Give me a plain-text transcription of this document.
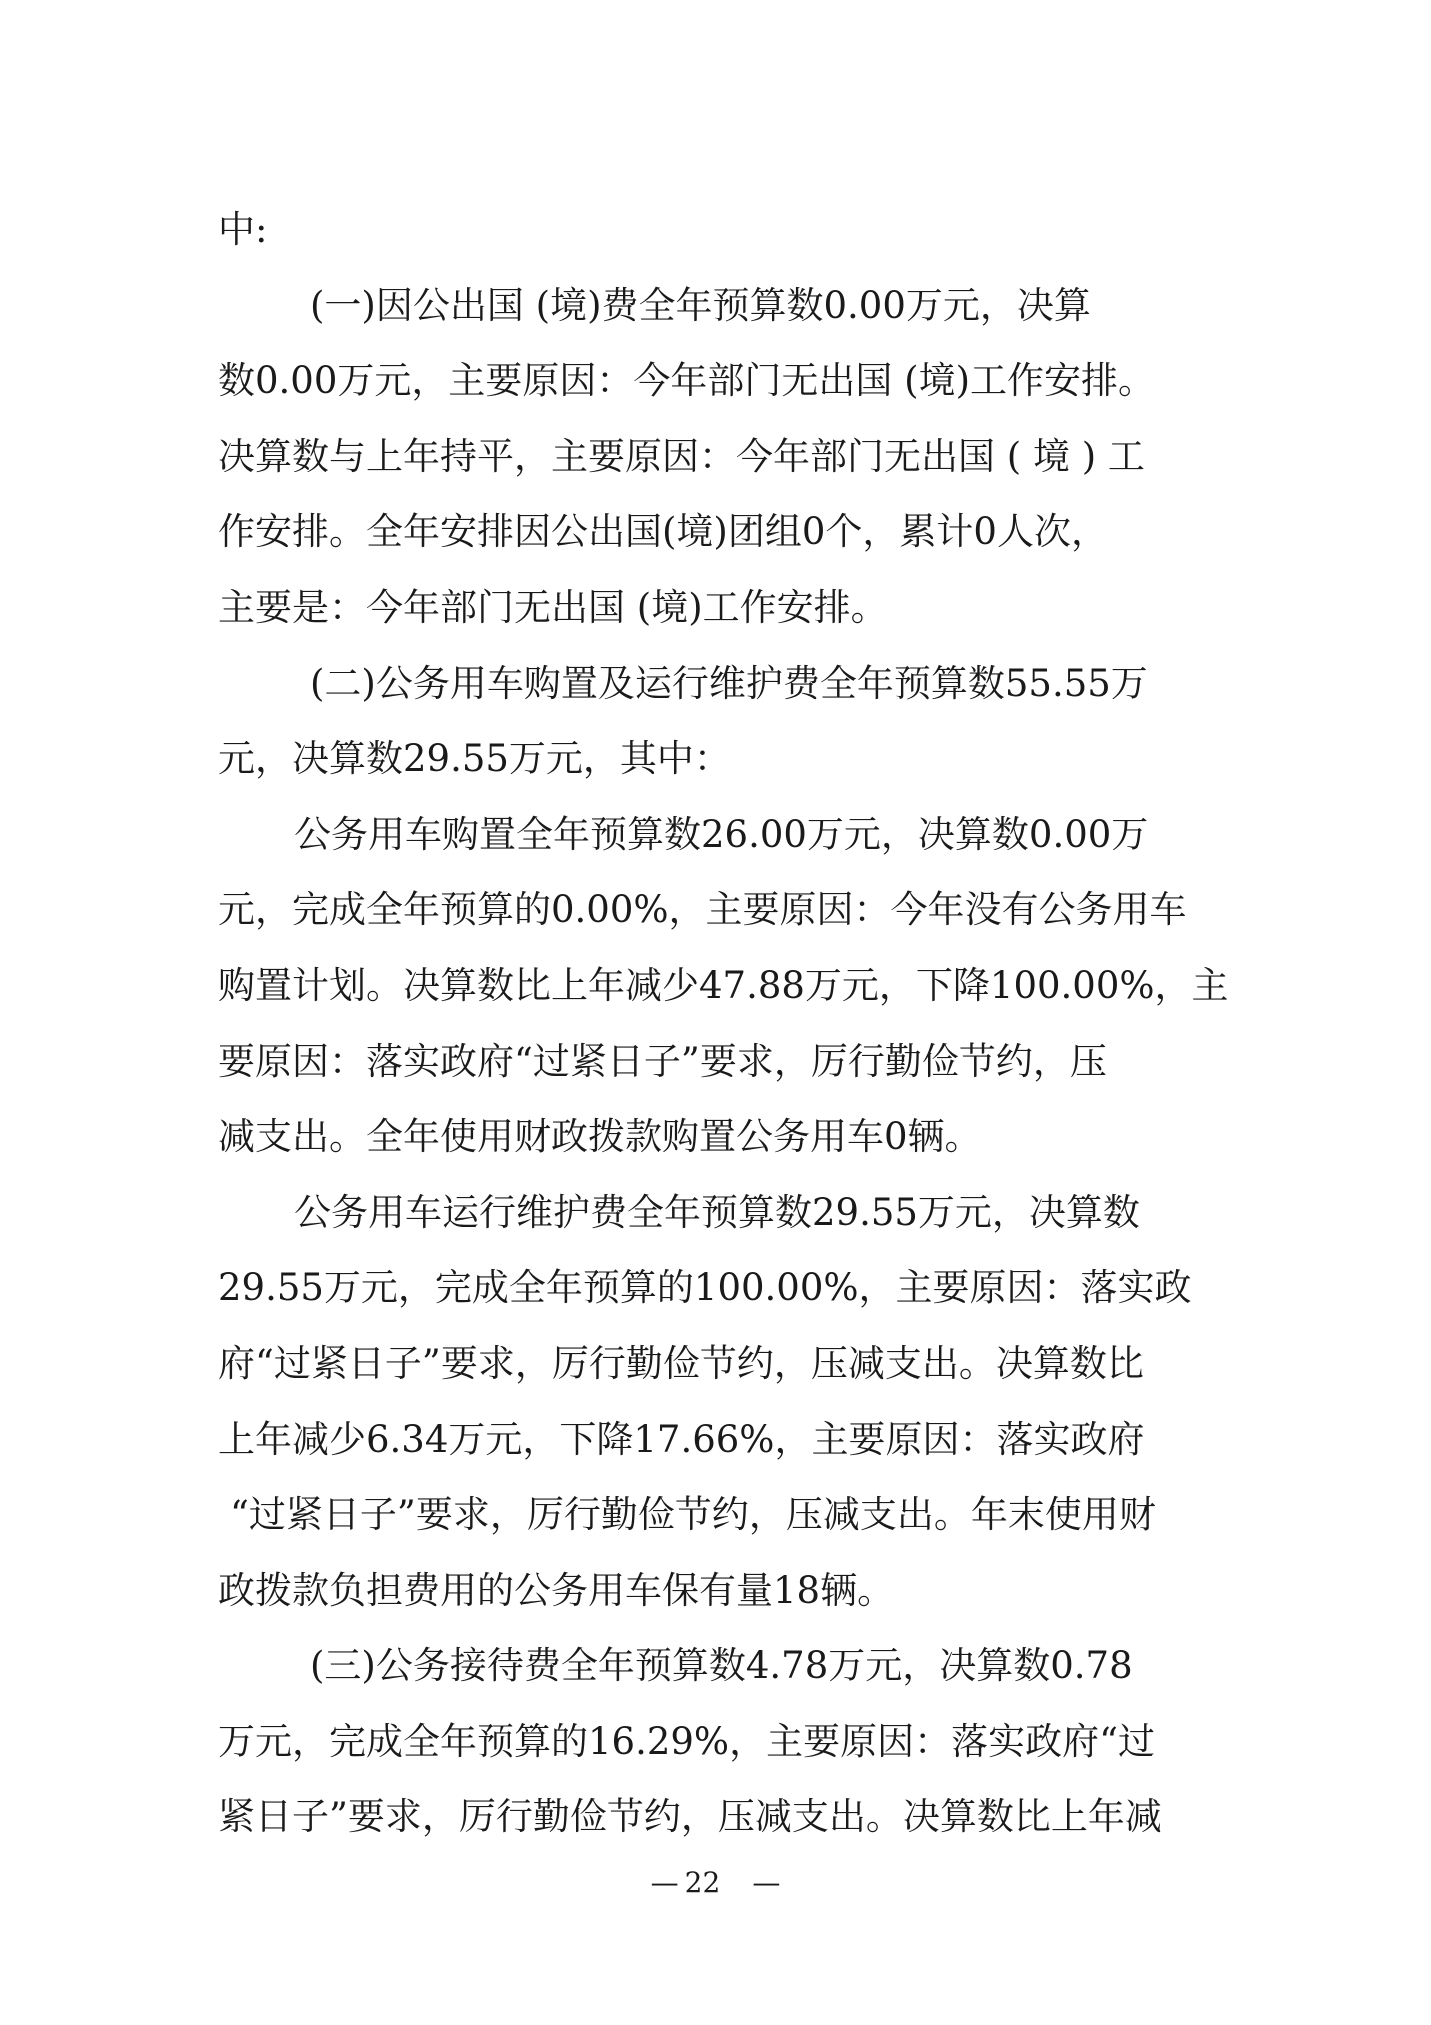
中:
(一)因公出国 (境)费全年预算数0.00万元，决算
数0.00万元，主要原因：今年部门无出国 (境)工作安排。
决算数与上年持平，主要原因：今年部门无出国 ( 境 ) 工
作安排。全年安排因公出国(境)团组0个，累计0人次，
主要是：今年部门无出国 (境)工作安排。
(二)公务用车购置及运行维护费全年预算数55.55万
元，决算数29.55万元，其中：
公务用车购置全年预算数26.00万元，决算数0.00万
元，完成全年预算的0.00%，主要原因：今年没有公务用车
购置计划。决算数比上年减少47.88万元，下降100.00%，主
要原因：落实政府“过紧日子”要求，厉行勤俭节约，压
减支出。全年使用财政拨款购置公务用车0辆。
公务用车运行维护费全年预算数29.55万元，决算数
29.55万元，完成全年预算的100.00%，主要原因：落实政
府“过紧日子”要求，厉行勤俭节约，压减支出。决算数比
上年减少6.34万元，下降17.66%，主要原因：落实政府
“过紧日子”要求，厉行勤俭节约，压减支出。年末使用财
政拨款负担费用的公务用车保有量18辆。
(三)公务接待费全年预算数4.78万元，决算数0.78
万元，完成全年预算的16.29%，主要原因：落实政府“过
紧日子”要求，厉行勤俭节约，压减支出。决算数比上年减
— 22 —
